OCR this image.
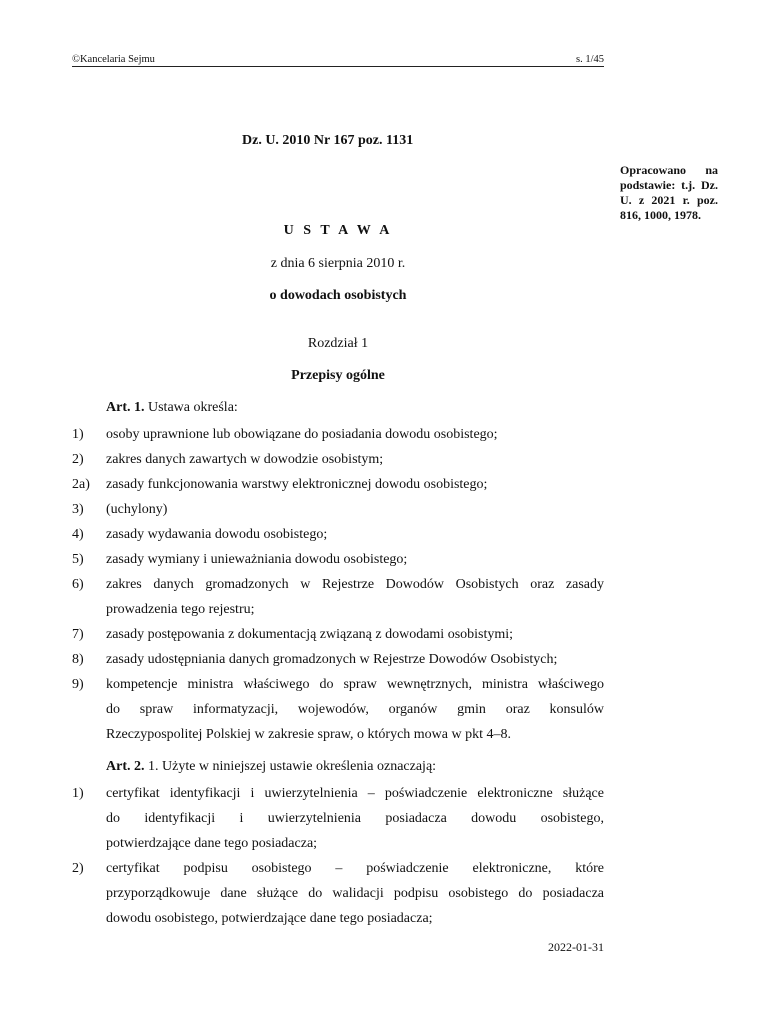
©Kancelaria Sejmu	s. 1/45
Dz. U. 2010 Nr 167 poz. 1131
Opracowano na podstawie: t.j. Dz. U. z 2021 r. poz. 816, 1000, 1978.
U S T A W A
z dnia 6 sierpnia 2010 r.
o dowodach osobistych
Rozdział 1
Przepisy ogólne
Art. 1. Ustawa określa:
1)	osoby uprawnione lub obowiązane do posiadania dowodu osobistego;
2)	zakres danych zawartych w dowodzie osobistym;
2a)	zasady funkcjonowania warstwy elektronicznej dowodu osobistego;
3)	(uchylony)
4)	zasady wydawania dowodu osobistego;
5)	zasady wymiany i unieważniania dowodu osobistego;
6)	zakres danych gromadzonych w Rejestrze Dowodów Osobistych oraz zasady
prowadzenia tego rejestru;
7)	zasady postępowania z dokumentacją związaną z dowodami osobistymi;
8)	zasady udostępniania danych gromadzonych w Rejestrze Dowodów Osobistych;
9)	kompetencje ministra właściwego do spraw wewnętrznych, ministra właściwego
do spraw informatyzacji, wojewodów, organów gmin oraz konsulów
Rzeczypospolitej Polskiej w zakresie spraw, o których mowa w pkt 4–8.
Art. 2. 1. Użyte w niniejszej ustawie określenia oznaczają:
1)	certyfikat identyfikacji i uwierzytelnienia – poświadczenie elektroniczne służące
do identyfikacji i uwierzytelnienia posiadacza dowodu osobistego,
potwierdzające dane tego posiadacza;
2)	certyfikat podpisu osobistego – poświadczenie elektroniczne, które
przyporządkowuje dane służące do walidacji podpisu osobistego do posiadacza
dowodu osobistego, potwierdzające dane tego posiadacza;
2022-01-31
